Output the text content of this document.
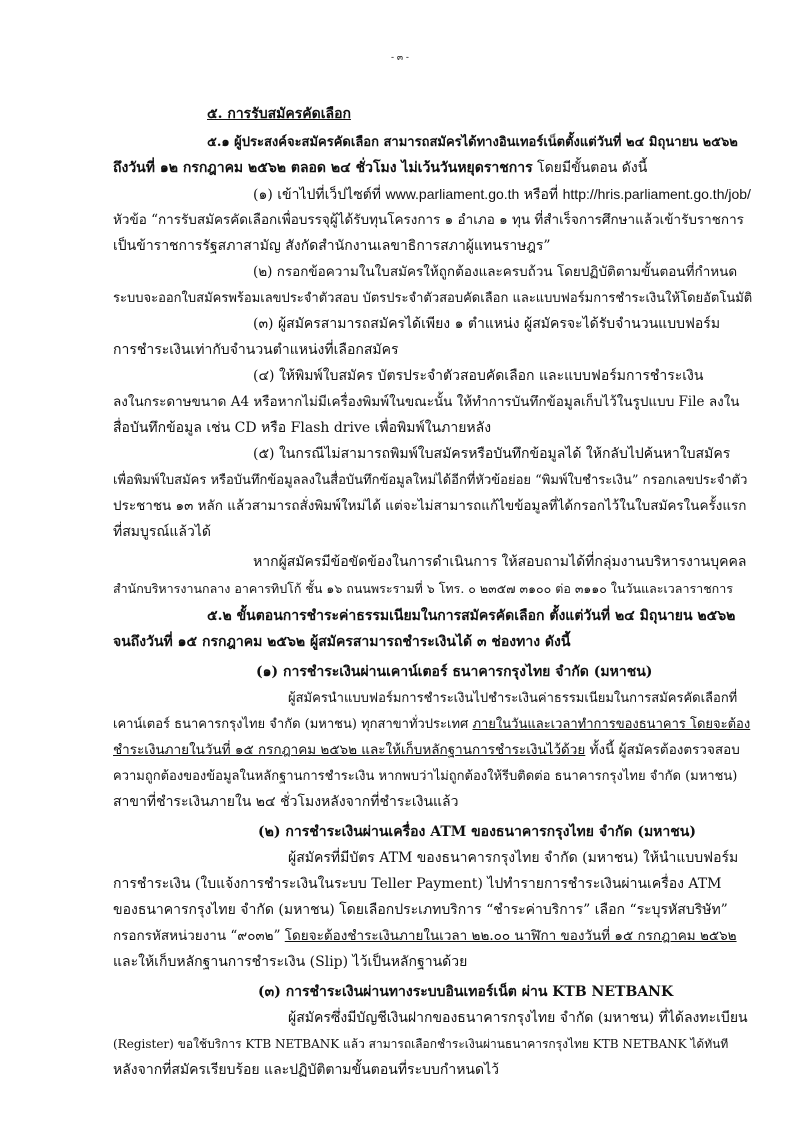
- ๓ -
๕. การรับสมัครคัดเลือก
๕.๑ ผู้ประสงค์จะสมัครคัดเลือก สามารถสมัครได้ทางอินเทอร์เน็ตตั้งแต่วันที่ ๒๔ มิถุนายน ๒๕๖๒
ถึงวันที่ ๑๒ กรกฎาคม ๒๕๖๒ ตลอด ๒๔ ชั่วโมง ไม่เว้นวันหยุดราชการ โดยมีขั้นตอน ดังนี้
(๑) เข้าไปที่เว็ปไซต์ที่ www.parliament.go.th หรือที่ http://hris.parliament.go.th/job/
หัวข้อ “การรับสมัครคัดเลือกเพื่อบรรจุผู้ได้รับทุนโครงการ ๑ อำเภอ ๑ ทุน ที่สำเร็จการศึกษาแล้วเข้ารับราชการ
เป็นข้าราชการรัฐสภาสามัญ สังกัดสำนักงานเลขาธิการสภาผู้แทนราษฎร”
(๒) กรอกข้อความในใบสมัครให้ถูกต้องและครบถ้วน โดยปฏิบัติตามขั้นตอนที่กำหนด
ระบบจะออกใบสมัครพร้อมเลขประจำตัวสอบ บัตรประจำตัวสอบคัดเลือก และแบบฟอร์มการชำระเงินให้โดยอัตโนมัติ
(๓) ผู้สมัครสามารถสมัครได้เพียง ๑ ตำแหน่ง ผู้สมัครจะได้รับจำนวนแบบฟอร์ม
การชำระเงินเท่ากับจำนวนตำแหน่งที่เลือกสมัคร
(๔) ให้พิมพ์ใบสมัคร บัตรประจำตัวสอบคัดเลือก และแบบฟอร์มการชำระเงิน
ลงในกระดาษขนาด A4 หรือหากไม่มีเครื่องพิมพ์ในขณะนั้น ให้ทำการบันทึกข้อมูลเก็บไว้ในรูปแบบ File ลงใน
สื่อบันทึกข้อมูล เช่น CD หรือ Flash drive เพื่อพิมพ์ในภายหลัง
(๕) ในกรณีไม่สามารถพิมพ์ใบสมัครหรือบันทึกข้อมูลได้ ให้กลับไปค้นหาใบสมัคร
เพื่อพิมพ์ใบสมัคร หรือบันทึกข้อมูลลงในสื่อบันทึกข้อมูลใหม่ได้อีกที่หัวข้อย่อย “พิมพ์ใบชำระเงิน” กรอกเลขประจำตัว
ประชาชน ๑๓ หลัก แล้วสามารถสั่งพิมพ์ใหม่ได้ แต่จะไม่สามารถแก้ไขข้อมูลที่ได้กรอกไว้ในใบสมัครในครั้งแรก
ที่สมบูรณ์แล้วได้
หากผู้สมัครมีข้อขัดข้องในการดำเนินการ ให้สอบถามได้ที่กลุ่มงานบริหารงานบุคคล
สำนักบริหารงานกลาง อาคารทิปโก้ ชั้น ๑๖ ถนนพระรามที่ ๖ โทร. ๐ ๒๓๕๗ ๓๑๐๐ ต่อ ๓๑๑๐ ในวันและเวลาราชการ
๕.๒ ขั้นตอนการชำระค่าธรรมเนียมในการสมัครคัดเลือก ตั้งแต่วันที่ ๒๔ มิถุนายน ๒๕๖๒
จนถึงวันที่ ๑๕ กรกฎาคม ๒๕๖๒ ผู้สมัครสามารถชำระเงินได้ ๓ ช่องทาง ดังนี้
(๑) การชำระเงินผ่านเคาน์เตอร์ ธนาคารกรุงไทย จำกัด (มหาชน)
ผู้สมัครนำแบบฟอร์มการชำระเงินไปชำระเงินค่าธรรมเนียมในการสมัครคัดเลือกที่
เคาน์เตอร์ ธนาคารกรุงไทย จำกัด (มหาชน) ทุกสาขาทั่วประเทศ ภายในวันและเวลาทำการของธนาคาร โดยจะต้อง
ชำระเงินภายในวันที่ ๑๕ กรกฎาคม ๒๕๖๒ และให้เก็บหลักฐานการชำระเงินไว้ด้วย ทั้งนี้ ผู้สมัครต้องตรวจสอบ
ความถูกต้องของข้อมูลในหลักฐานการชำระเงิน หากพบว่าไม่ถูกต้องให้รีบติดต่อ ธนาคารกรุงไทย จำกัด (มหาชน)
สาขาที่ชำระเงินภายใน ๒๔ ชั่วโมงหลังจากที่ชำระเงินแล้ว
(๒) การชำระเงินผ่านเครื่อง ATM ของธนาคารกรุงไทย จำกัด (มหาชน)
ผู้สมัครที่มีบัตร ATM ของธนาคารกรุงไทย จำกัด (มหาชน) ให้นำแบบฟอร์ม
การชำระเงิน (ใบแจ้งการชำระเงินในระบบ Teller Payment) ไปทำรายการชำระเงินผ่านเครื่อง ATM
ของธนาคารกรุงไทย จำกัด (มหาชน) โดยเลือกประเภทบริการ “ชำระค่าบริการ” เลือก “ระบุรหัสบริษัท”
กรอกรหัสหน่วยงาน “๙๐๓๒” โดยจะต้องชำระเงินภายในเวลา ๒๒.๐๐ นาฬิกา ของวันที่ ๑๕ กรกฎาคม ๒๕๖๒
และให้เก็บหลักฐานการชำระเงิน (Slip) ไว้เป็นหลักฐานด้วย
(๓) การชำระเงินผ่านทางระบบอินเทอร์เน็ต ผ่าน KTB NETBANK
ผู้สมัครซึ่งมีบัญชีเงินฝากของธนาคารกรุงไทย จำกัด (มหาชน) ที่ได้ลงทะเบียน
(Register) ขอใช้บริการ KTB NETBANK แล้ว สามารถเลือกชำระเงินผ่านธนาคารกรุงไทย KTB NETBANK ได้ทันที
หลังจากที่สมัครเรียบร้อย และปฏิบัติตามขั้นตอนที่ระบบกำหนดไว้
